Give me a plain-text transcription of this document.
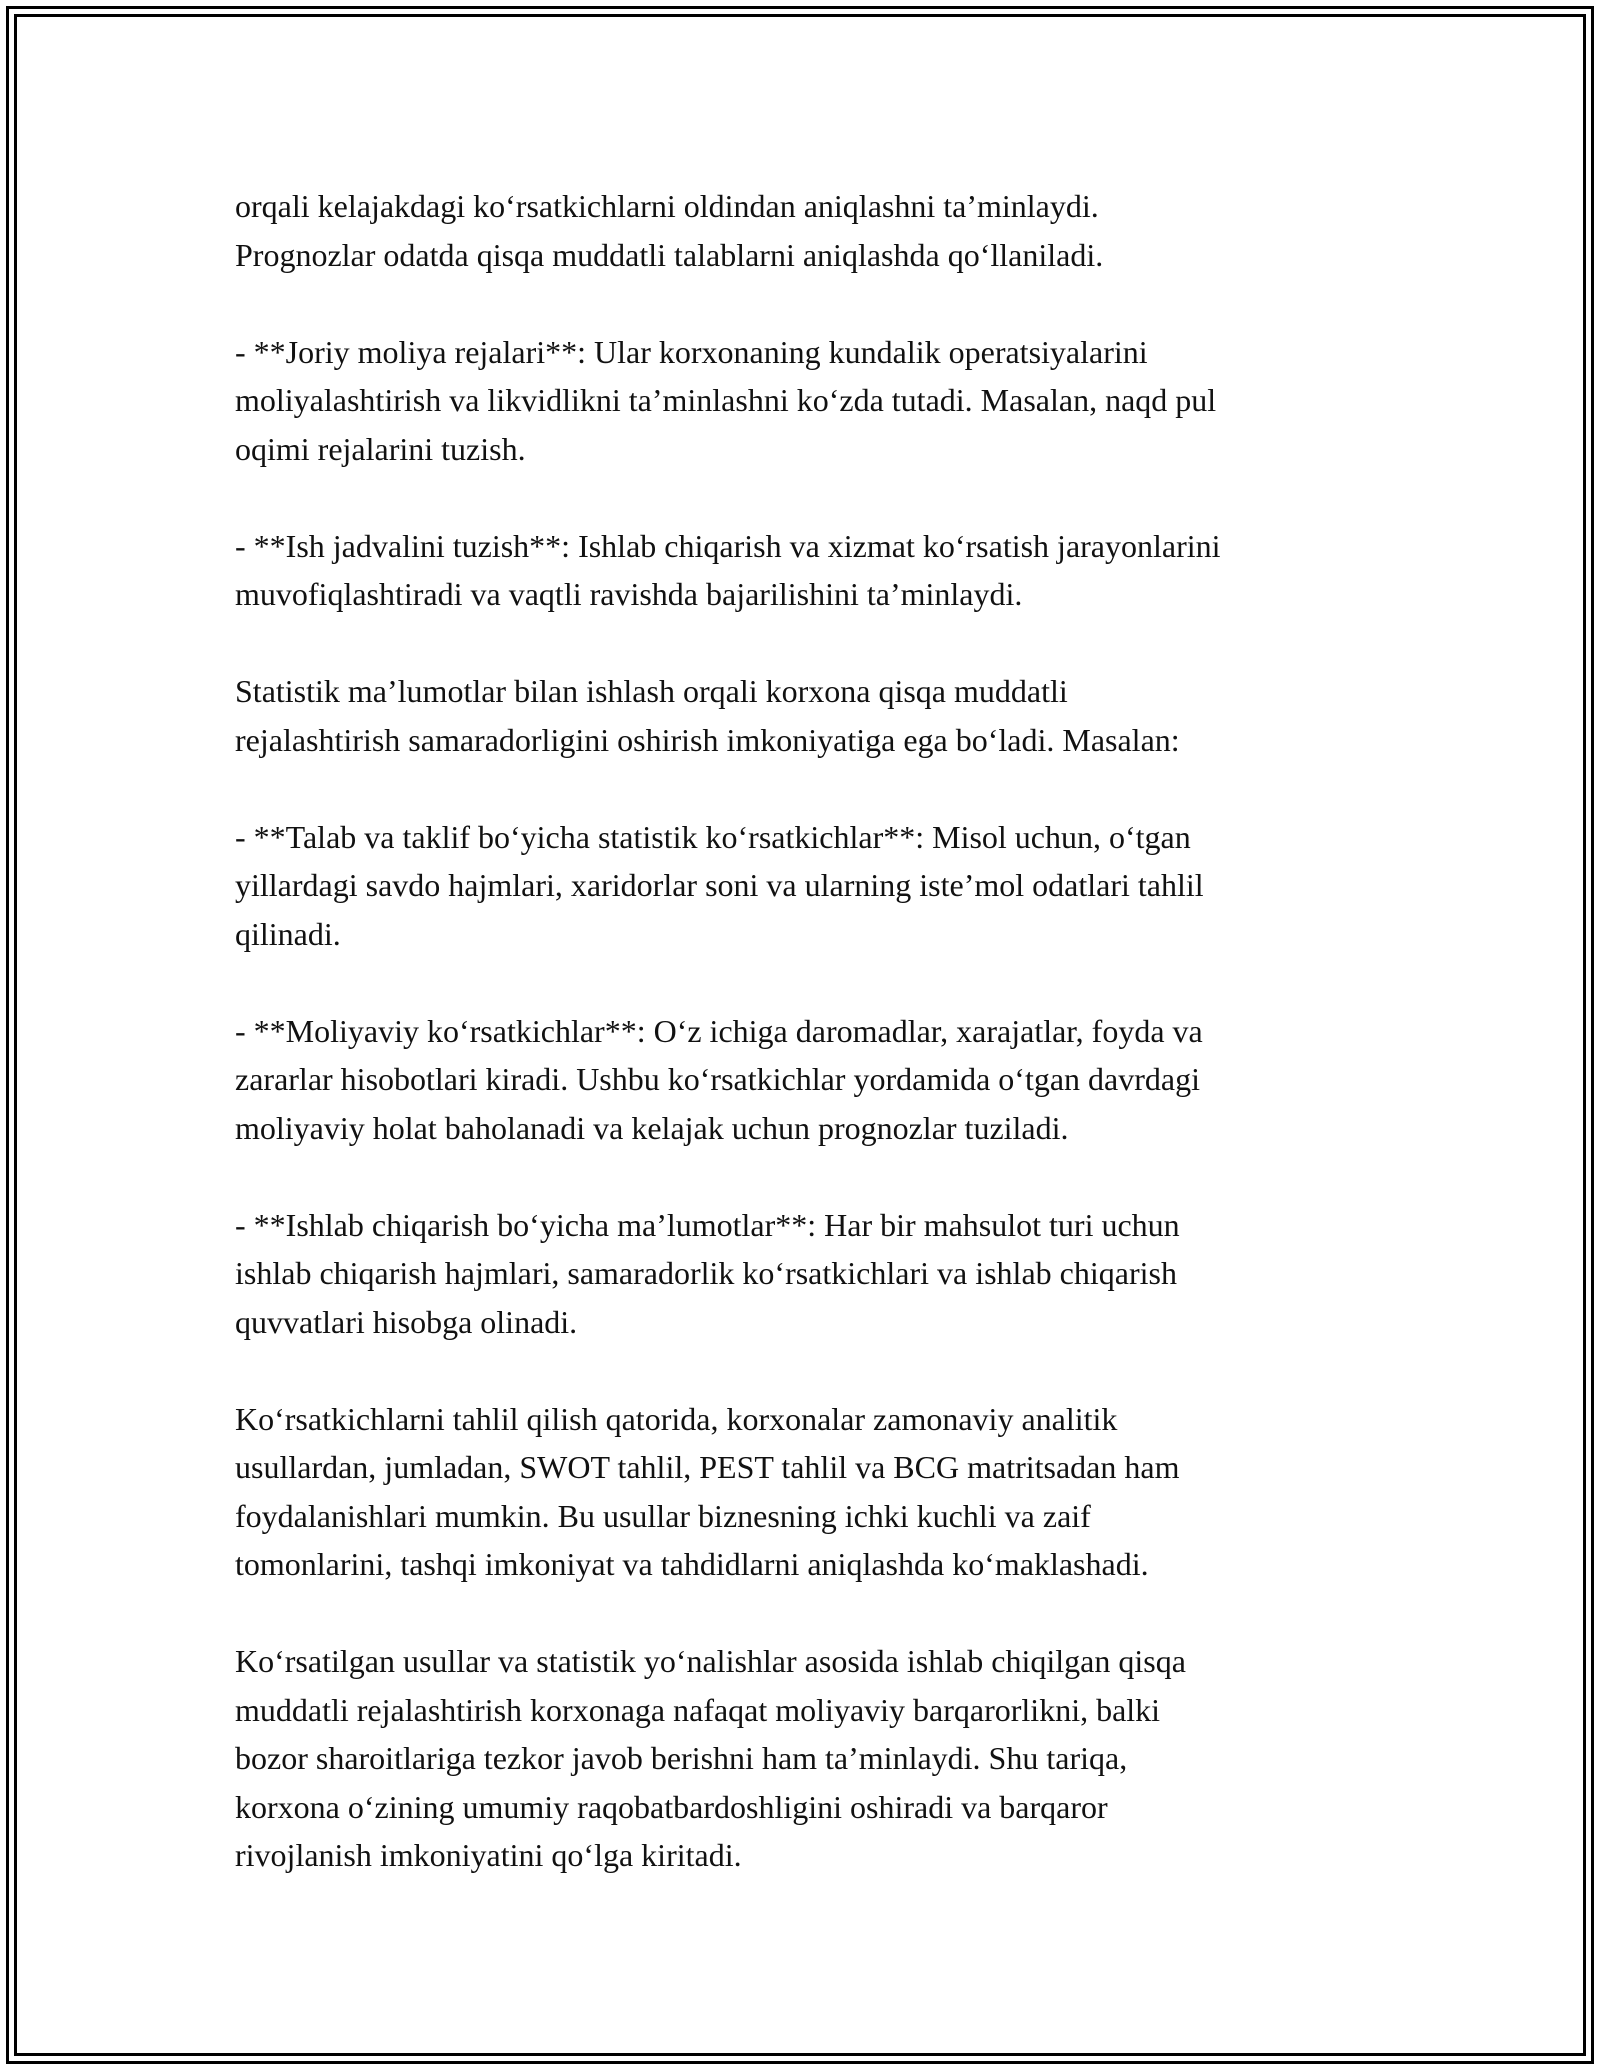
orqali kelajakdagi ko‘rsatkichlarni oldindan aniqlashni ta’minlaydi.
Prognozlar odatda qisqa muddatli talablarni aniqlashda qo‘llaniladi.

- **Joriy moliya rejalari**: Ular korxonaning kundalik operatsiyalarini
moliyalashtirish va likvidlikni ta’minlashni ko‘zda tutadi. Masalan, naqd pul
oqimi rejalarini tuzish.

- **Ish jadvalini tuzish**: Ishlab chiqarish va xizmat ko‘rsatish jarayonlarini
muvofiqlashtiradi va vaqtli ravishda bajarilishini ta’minlaydi.

Statistik ma’lumotlar bilan ishlash orqali korxona qisqa muddatli
rejalashtirish samaradorligini oshirish imkoniyatiga ega bo‘ladi. Masalan:

- **Talab va taklif bo‘yicha statistik ko‘rsatkichlar**: Misol uchun, o‘tgan
yillardagi savdo hajmlari, xaridorlar soni va ularning iste’mol odatlari tahlil
qilinadi.

- **Moliyaviy ko‘rsatkichlar**: O‘z ichiga daromadlar, xarajatlar, foyda va
zararlar hisobotlari kiradi. Ushbu ko‘rsatkichlar yordamida o‘tgan davrdagi
moliyaviy holat baholanadi va kelajak uchun prognozlar tuziladi.

- **Ishlab chiqarish bo‘yicha ma’lumotlar**: Har bir mahsulot turi uchun
ishlab chiqarish hajmlari, samaradorlik ko‘rsatkichlari va ishlab chiqarish
quvvatlari hisobga olinadi.

Ko‘rsatkichlarni tahlil qilish qatorida, korxonalar zamonaviy analitik
usullardan, jumladan, SWOT tahlil, PEST tahlil va BCG matritsadan ham
foydalanishlari mumkin. Bu usullar biznesning ichki kuchli va zaif
tomonlarini, tashqi imkoniyat va tahdidlarni aniqlashda ko‘maklashadi.

Ko‘rsatilgan usullar va statistik yo‘nalishlar asosida ishlab chiqilgan qisqa
muddatli rejalashtirish korxonaga nafaqat moliyaviy barqarorlikni, balki
bozor sharoitlariga tezkor javob berishni ham ta’minlaydi. Shu tariqa,
korxona o‘zining umumiy raqobatbardoshligini oshiradi va barqaror
rivojlanish imkoniyatini qo‘lga kiritadi.
